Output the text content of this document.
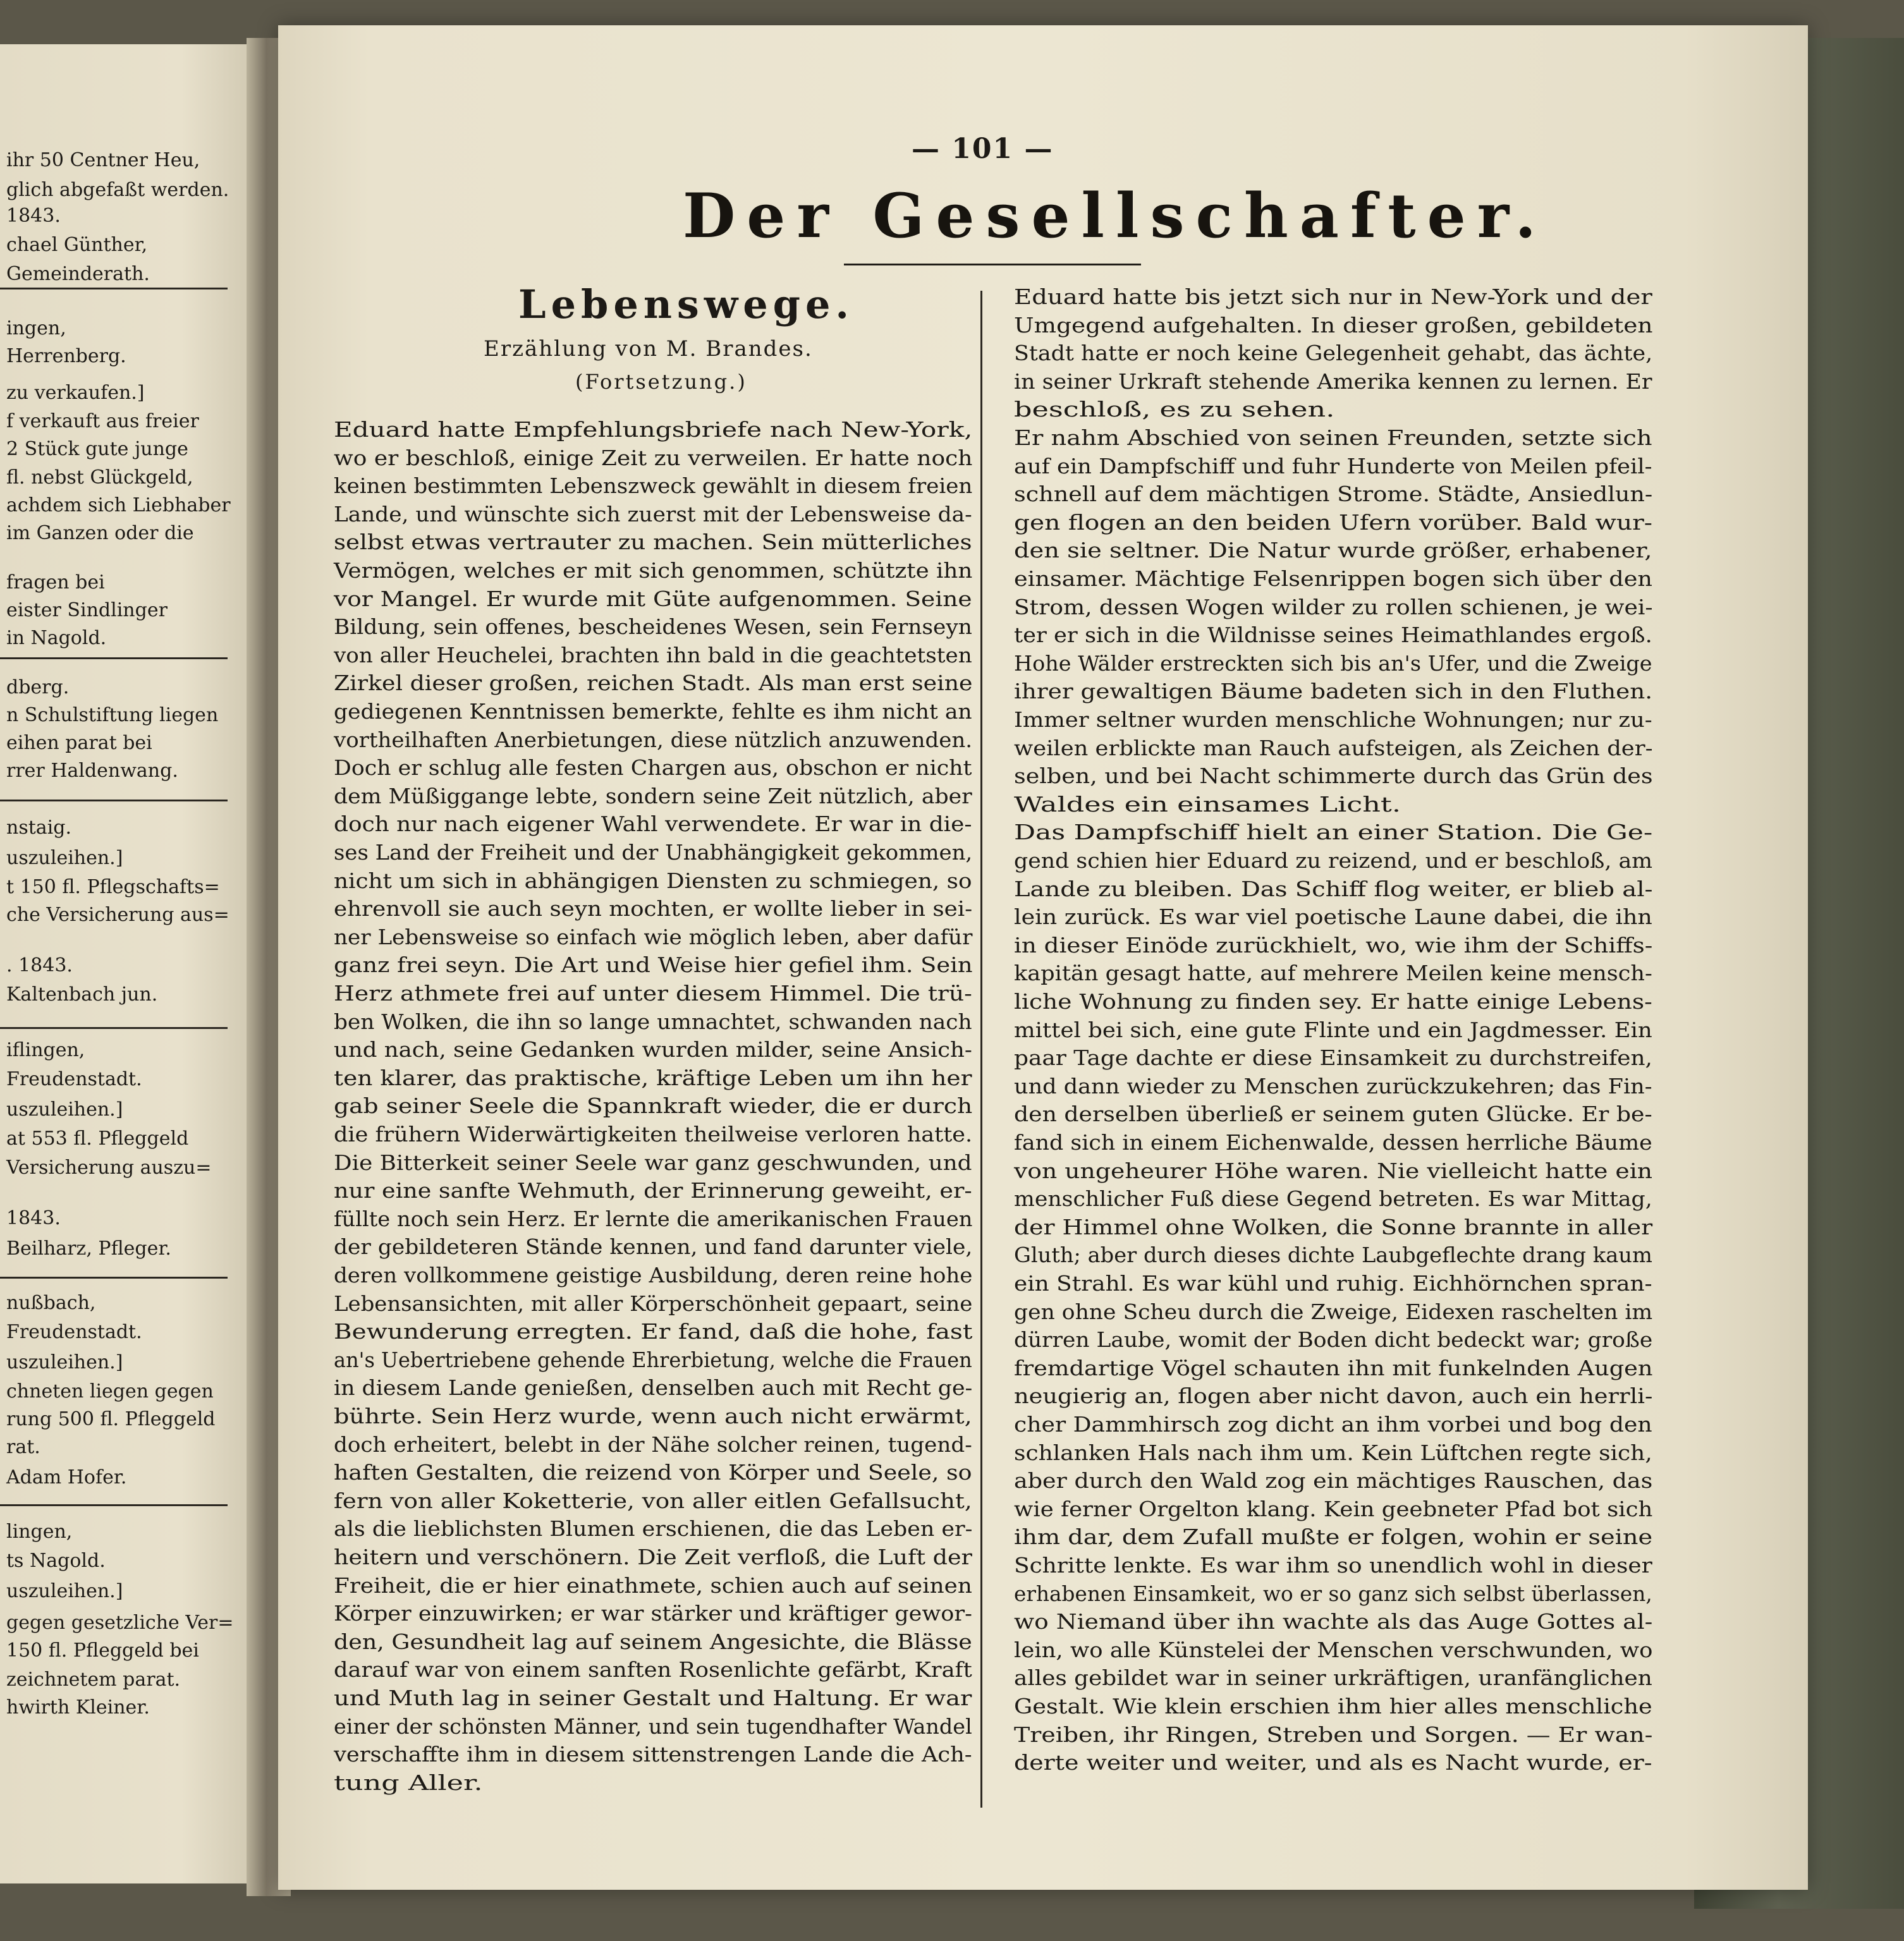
ihr 50 Centner Heu,
glich abgefaßt werden.
1843.
chael Günther,
Gemeinderath.
ingen,
Herrenberg.
zu verkaufen.]
f verkauft aus freier
2 Stück gute junge
fl. nebst Glückgeld,
achdem sich Liebhaber
im Ganzen oder die
fragen bei
eister Sindlinger
in Nagold.
dberg.
n Schulstiftung liegen
eihen parat bei
rrer Haldenwang.
nstaig.
uszuleihen.]
t 150 fl. Pflegschafts=
che Versicherung aus=
. 1843.
Kaltenbach jun.
iflingen,
Freudenstadt.
uszuleihen.]
at 553 fl. Pfleggeld
Versicherung auszu=
1843.
Beilharz, Pfleger.
nußbach,
Freudenstadt.
uszuleihen.]
chneten liegen gegen
rung 500 fl. Pfleggeld
rat.
Adam Hofer.
lingen,
ts Nagold.
uszuleihen.]
gegen gesetzliche Ver=
150 fl. Pfleggeld bei
zeichnetem parat.
hwirth Kleiner.
— 101 —
Der Gesellschafter.
Lebenswege.
Erzählung von M. Brandes.
(Fortsetzung.)
Eduard hatte Empfehlungsbriefe nach New-York,
wo er beschloß, einige Zeit zu verweilen. Er hatte noch
keinen bestimmten Lebenszweck gewählt in diesem freien
Lande, und wünschte sich zuerst mit der Lebensweise da-
selbst etwas vertrauter zu machen. Sein mütterliches
Vermögen, welches er mit sich genommen, schützte ihn
vor Mangel. Er wurde mit Güte aufgenommen. Seine
Bildung, sein offenes, bescheidenes Wesen, sein Fernseyn
von aller Heuchelei, brachten ihn bald in die geachtetsten
Zirkel dieser großen, reichen Stadt. Als man erst seine
gediegenen Kenntnissen bemerkte, fehlte es ihm nicht an
vortheilhaften Anerbietungen, diese nützlich anzuwenden.
Doch er schlug alle festen Chargen aus, obschon er nicht
dem Müßiggange lebte, sondern seine Zeit nützlich, aber
doch nur nach eigener Wahl verwendete. Er war in die-
ses Land der Freiheit und der Unabhängigkeit gekommen,
nicht um sich in abhängigen Diensten zu schmiegen, so
ehrenvoll sie auch seyn mochten, er wollte lieber in sei-
ner Lebensweise so einfach wie möglich leben, aber dafür
ganz frei seyn. Die Art und Weise hier gefiel ihm. Sein
Herz athmete frei auf unter diesem Himmel. Die trü-
ben Wolken, die ihn so lange umnachtet, schwanden nach
und nach, seine Gedanken wurden milder, seine Ansich-
ten klarer, das praktische, kräftige Leben um ihn her
gab seiner Seele die Spannkraft wieder, die er durch
die frühern Widerwärtigkeiten theilweise verloren hatte.
Die Bitterkeit seiner Seele war ganz geschwunden, und
nur eine sanfte Wehmuth, der Erinnerung geweiht, er-
füllte noch sein Herz. Er lernte die amerikanischen Frauen
der gebildeteren Stände kennen, und fand darunter viele,
deren vollkommene geistige Ausbildung, deren reine hohe
Lebensansichten, mit aller Körperschönheit gepaart, seine
Bewunderung erregten. Er fand, daß die hohe, fast
an's Uebertriebene gehende Ehrerbietung, welche die Frauen
in diesem Lande genießen, denselben auch mit Recht ge-
bührte. Sein Herz wurde, wenn auch nicht erwärmt,
doch erheitert, belebt in der Nähe solcher reinen, tugend-
haften Gestalten, die reizend von Körper und Seele, so
fern von aller Koketterie, von aller eitlen Gefallsucht,
als die lieblichsten Blumen erschienen, die das Leben er-
heitern und verschönern. Die Zeit verfloß, die Luft der
Freiheit, die er hier einathmete, schien auch auf seinen
Körper einzuwirken; er war stärker und kräftiger gewor-
den, Gesundheit lag auf seinem Angesichte, die Blässe
darauf war von einem sanften Rosenlichte gefärbt, Kraft
und Muth lag in seiner Gestalt und Haltung. Er war
einer der schönsten Männer, und sein tugendhafter Wandel
verschaffte ihm in diesem sittenstrengen Lande die Ach-
tung Aller.
Eduard hatte bis jetzt sich nur in New-York und der
Umgegend aufgehalten. In dieser großen, gebildeten
Stadt hatte er noch keine Gelegenheit gehabt, das ächte,
in seiner Urkraft stehende Amerika kennen zu lernen. Er
beschloß, es zu sehen.
Er nahm Abschied von seinen Freunden, setzte sich
auf ein Dampfschiff und fuhr Hunderte von Meilen pfeil-
schnell auf dem mächtigen Strome. Städte, Ansiedlun-
gen flogen an den beiden Ufern vorüber. Bald wur-
den sie seltner. Die Natur wurde größer, erhabener,
einsamer. Mächtige Felsenrippen bogen sich über den
Strom, dessen Wogen wilder zu rollen schienen, je wei-
ter er sich in die Wildnisse seines Heimathlandes ergoß.
Hohe Wälder erstreckten sich bis an's Ufer, und die Zweige
ihrer gewaltigen Bäume badeten sich in den Fluthen.
Immer seltner wurden menschliche Wohnungen; nur zu-
weilen erblickte man Rauch aufsteigen, als Zeichen der-
selben, und bei Nacht schimmerte durch das Grün des
Waldes ein einsames Licht.
Das Dampfschiff hielt an einer Station. Die Ge-
gend schien hier Eduard zu reizend, und er beschloß, am
Lande zu bleiben. Das Schiff flog weiter, er blieb al-
lein zurück. Es war viel poetische Laune dabei, die ihn
in dieser Einöde zurückhielt, wo, wie ihm der Schiffs-
kapitän gesagt hatte, auf mehrere Meilen keine mensch-
liche Wohnung zu finden sey. Er hatte einige Lebens-
mittel bei sich, eine gute Flinte und ein Jagdmesser. Ein
paar Tage dachte er diese Einsamkeit zu durchstreifen,
und dann wieder zu Menschen zurückzukehren; das Fin-
den derselben überließ er seinem guten Glücke. Er be-
fand sich in einem Eichenwalde, dessen herrliche Bäume
von ungeheurer Höhe waren. Nie vielleicht hatte ein
menschlicher Fuß diese Gegend betreten. Es war Mittag,
der Himmel ohne Wolken, die Sonne brannte in aller
Gluth; aber durch dieses dichte Laubgeflechte drang kaum
ein Strahl. Es war kühl und ruhig. Eichhörnchen spran-
gen ohne Scheu durch die Zweige, Eidexen raschelten im
dürren Laube, womit der Boden dicht bedeckt war; große
fremdartige Vögel schauten ihn mit funkelnden Augen
neugierig an, flogen aber nicht davon, auch ein herrli-
cher Dammhirsch zog dicht an ihm vorbei und bog den
schlanken Hals nach ihm um. Kein Lüftchen regte sich,
aber durch den Wald zog ein mächtiges Rauschen, das
wie ferner Orgelton klang. Kein geebneter Pfad bot sich
ihm dar, dem Zufall mußte er folgen, wohin er seine
Schritte lenkte. Es war ihm so unendlich wohl in dieser
erhabenen Einsamkeit, wo er so ganz sich selbst überlassen,
wo Niemand über ihn wachte als das Auge Gottes al-
lein, wo alle Künstelei der Menschen verschwunden, wo
alles gebildet war in seiner urkräftigen, uranfänglichen
Gestalt. Wie klein erschien ihm hier alles menschliche
Treiben, ihr Ringen, Streben und Sorgen. — Er wan-
derte weiter und weiter, und als es Nacht wurde, er-
